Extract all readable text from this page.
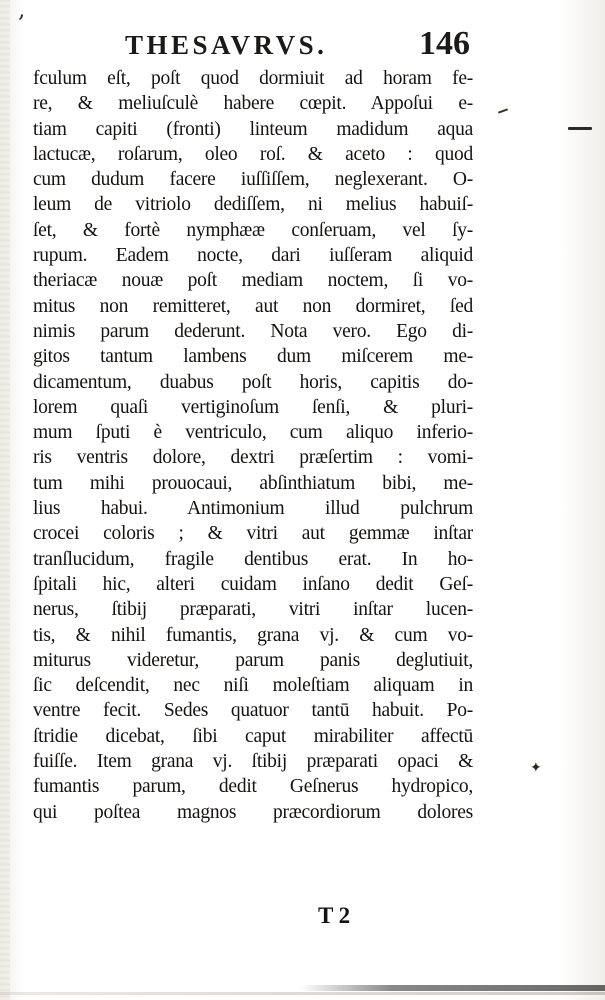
‚
THESAVRVS.	146
fculum eſt, poſt quod dormiuit ad horam fe-
re, & meliuſculè habere cœpit. Appoſui e-
tiam capiti (fronti) linteum madidum aqua
lactucæ, roſarum, oleo roſ. & aceto : quod
cum dudum facere iuſſiſſem, neglexerant. O-
leum de vitriolo dediſſem, ni melius habuiſ-
ſet, & fortè nymphææ conſeruam, vel ſy-
rupum. Eadem nocte, dari iuſſeram aliquid
theriacæ nouæ poſt mediam noctem, ſi vo-
mitus non remitteret, aut non dormiret, ſed
nimis parum dederunt. Nota vero. Ego di-
gitos tantum lambens dum miſcerem me-
dicamentum, duabus poſt horis, capitis do-
lorem quaſi vertiginoſum ſenſi, & pluri-
mum ſputi è ventriculo, cum aliquo inferio-
ris ventris dolore, dextri præſertim : vomi-
tum mihi prouocaui, abſinthiatum bibi, me-
lius habui. Antimonium illud pulchrum
crocei coloris ; & vitri aut gemmæ inſtar
tranſlucidum, fragile dentibus erat. In ho-
ſpitali hic, alteri cuidam inſano dedit Geſ-
nerus, ſtibij præparati, vitri inſtar lucen-
tis, & nihil fumantis, grana vj. & cum vo-
miturus videretur, parum panis deglutiuit,
ſic deſcendit, nec niſi moleſtiam aliquam in
ventre fecit. Sedes quatuor tantū habuit. Po-
ſtridie dicebat, ſibi caput mirabiliter affectū
fuiſſe. Item grana vj. ſtibij præparati opaci &
fumantis parum, dedit Geſnerus hydropico,
qui poſtea magnos præcordiorum dolores
✦
T 2
